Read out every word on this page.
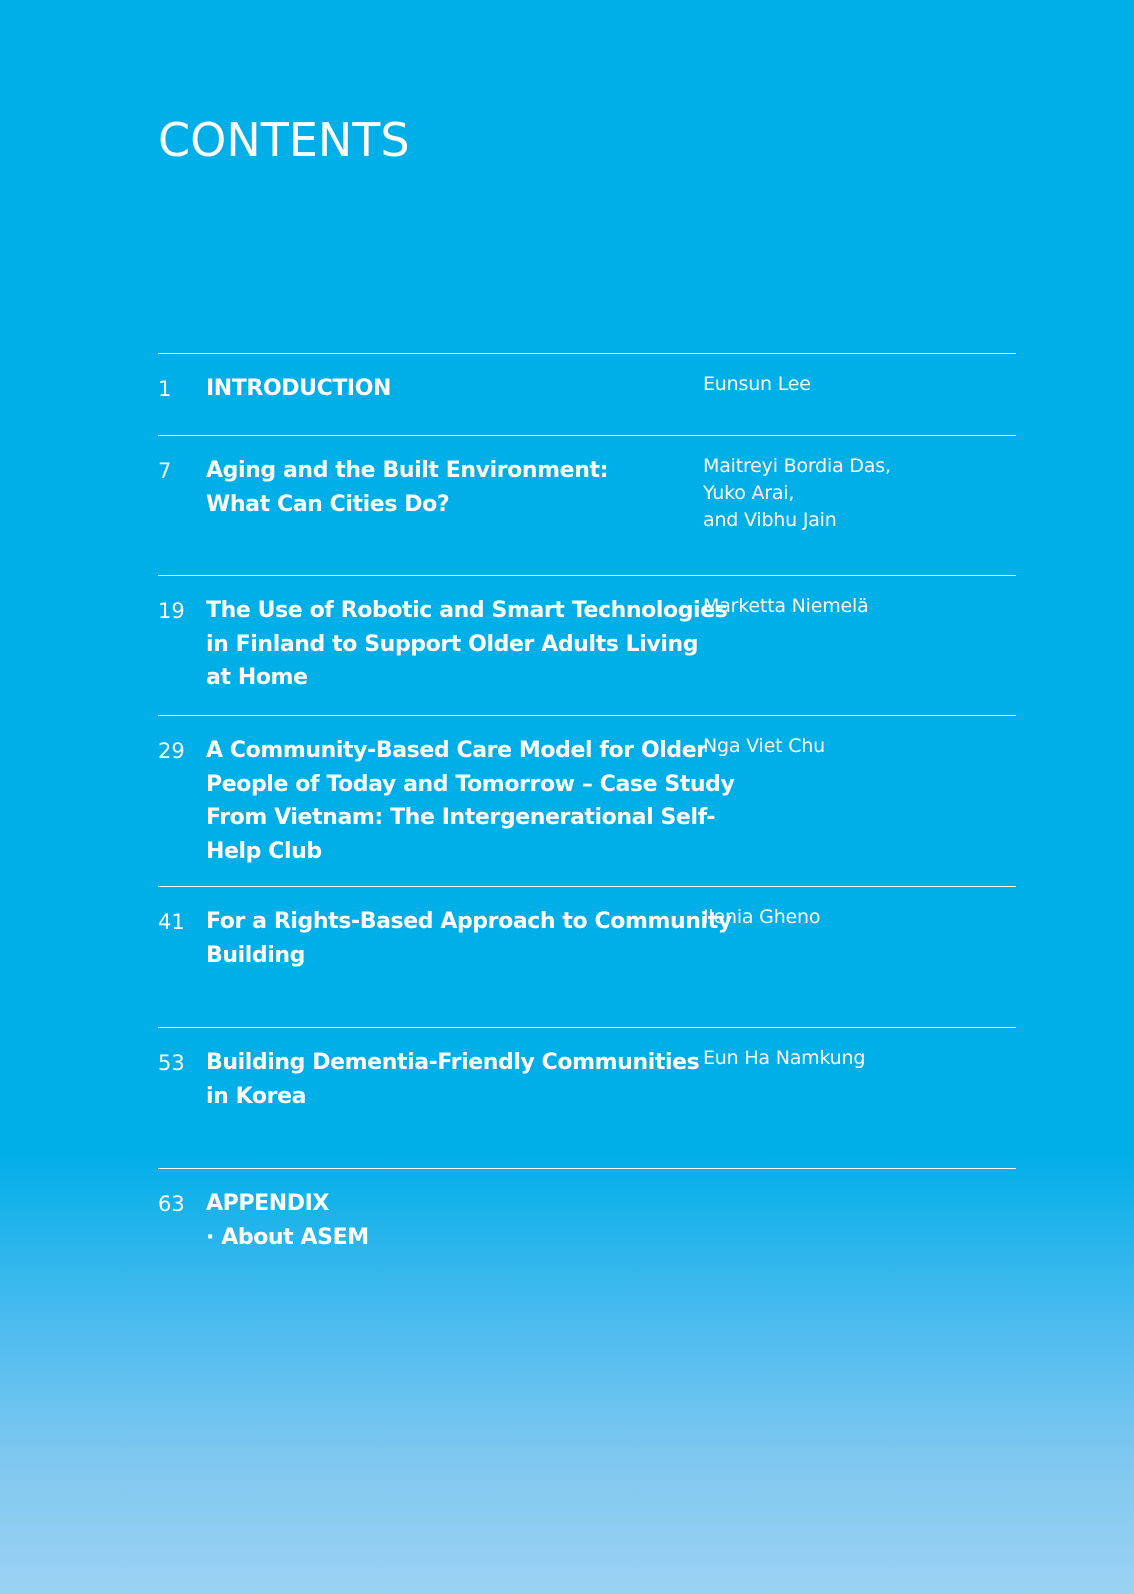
CONTENTS
1 INTRODUCTION	Eunsun Lee
7 Aging and the Built Environment:
What Can Cities Do?
Maitreyi Bordia Das,
Yuko Arai,
and Vibhu Jain
19 The Use of Robotic and Smart Technologies
in Finland to Support Older Adults Living
at Home
Marketta Niemelä
29 A Community-Based Care Model for Older
People of Today and Tomorrow – Case Study
From Vietnam: The Intergenerational Self-
Help Club
Nga Viet Chu
41 For a Rights-Based Approach to Community
Building
Ilenia Gheno
53 Building Dementia-Friendly Communities
in Korea
Eun Ha Namkung
63 APPENDIX
· About ASEM
